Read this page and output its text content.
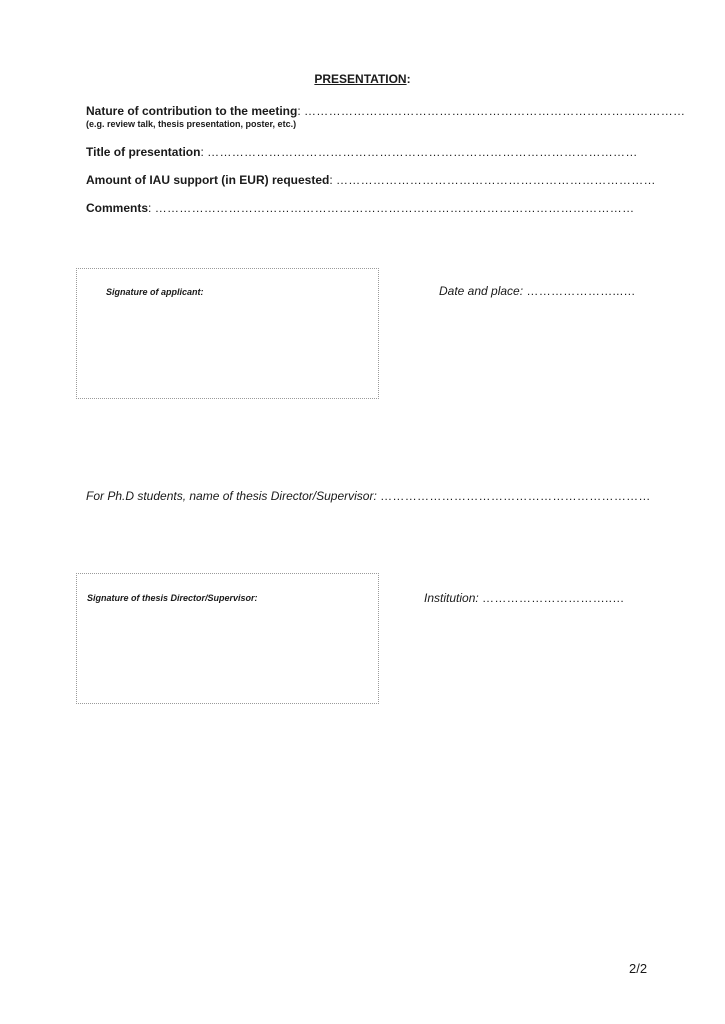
PRESENTATION:
Nature of contribution to the meeting : …………………………………………………………………………………
(e.g. review talk, thesis presentation, poster, etc.)
Title of presentation : ……………………………………………………………………………………………
Amount of IAU support (in EUR) requested : ……………………………………………………………………
Comments : ………………………………………………………………………………………………………
Signature of applicant:	Date and place: …………………...…
For Ph.D students, name of thesis Director/Supervisor: …………………………………………………………
Signature of thesis Director/Supervisor:	Institution: …………………………..…
2/2
